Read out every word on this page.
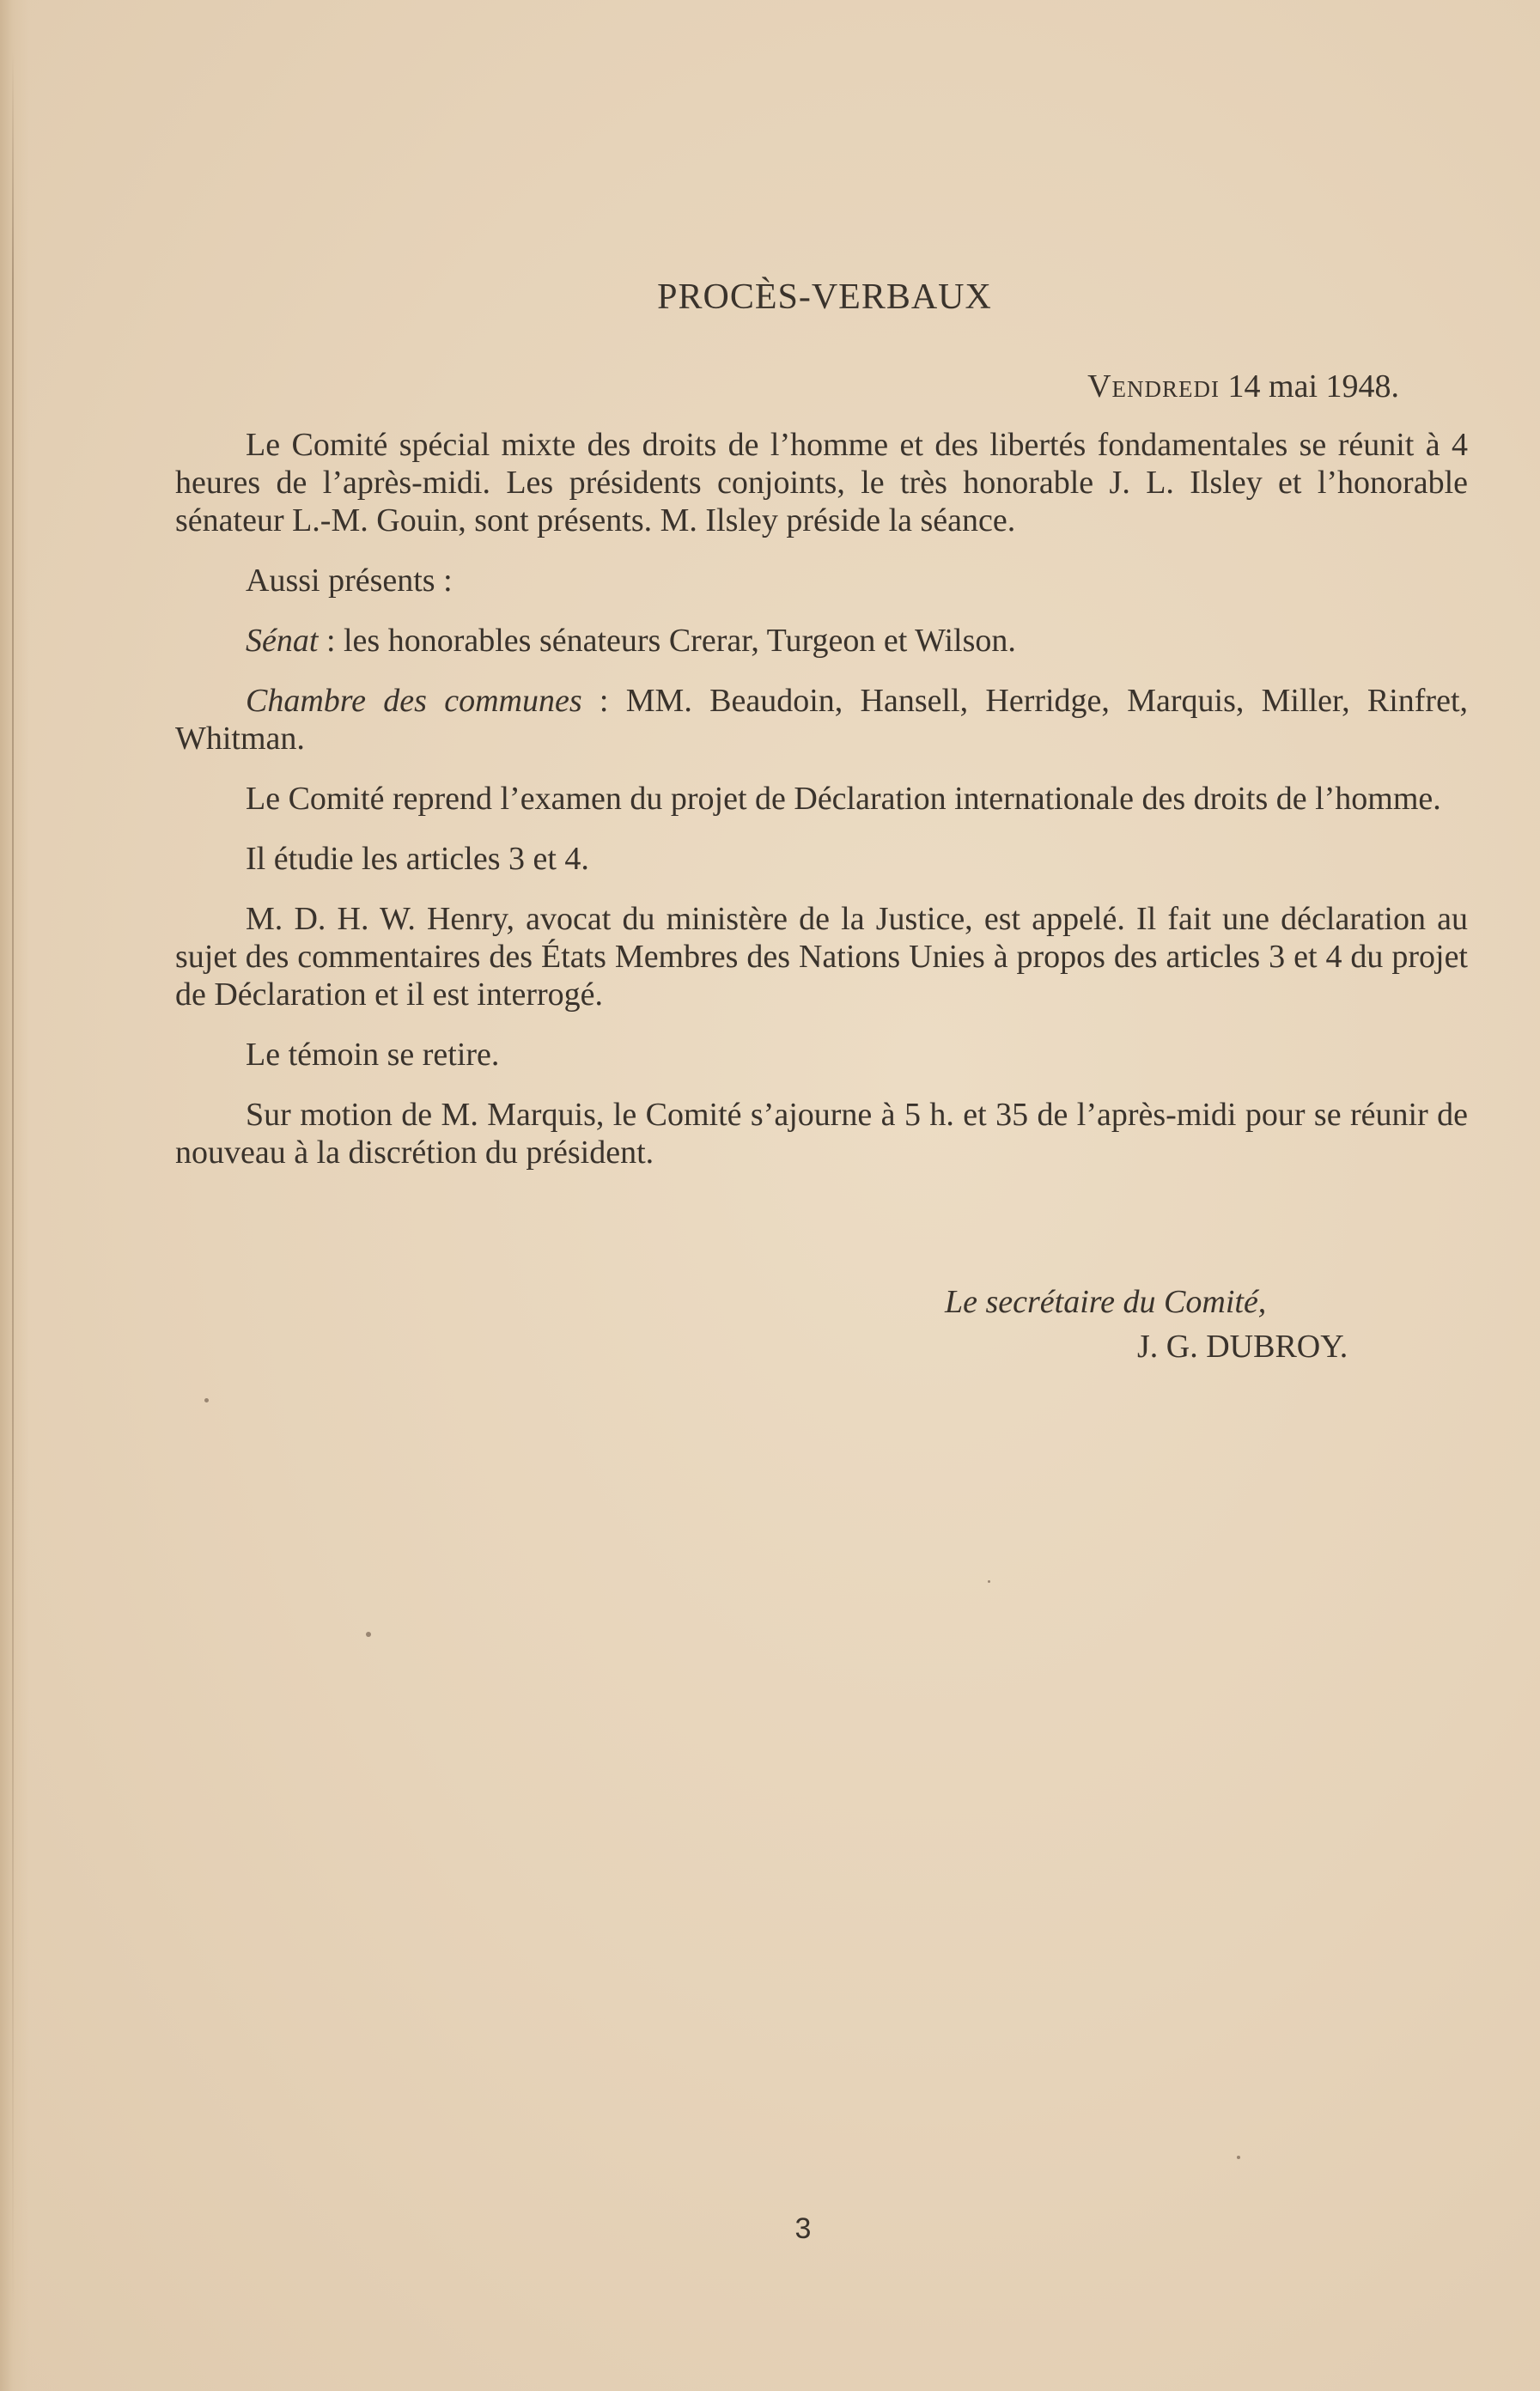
PROCÈS-VERBAUX

Vendredi 14 mai 1948.

Le Comité spécial mixte des droits de l’homme et des libertés fondamentales se réunit à 4 heures de l’après-midi. Les présidents conjoints, le très honorable J. L. Ilsley et l’honorable sénateur L.-M. Gouin, sont présents. M. Ilsley préside la séance.

Aussi présents :

Sénat : les honorables sénateurs Crerar, Turgeon et Wilson.

Chambre des communes : MM. Beaudoin, Hansell, Herridge, Marquis, Miller, Rinfret, Whitman.

Le Comité reprend l’examen du projet de Déclaration internationale des droits de l’homme.

Il étudie les articles 3 et 4.

M. D. H. W. Henry, avocat du ministère de la Justice, est appelé. Il fait une déclaration au sujet des commentaires des États Membres des Nations Unies à propos des articles 3 et 4 du projet de Déclaration et il est interrogé.

Le témoin se retire.

Sur motion de M. Marquis, le Comité s’ajourne à 5 h. et 35 de l’après-midi pour se réunir de nouveau à la discrétion du président.

Le secrétaire du Comité,
J. G. DUBROY.
3
